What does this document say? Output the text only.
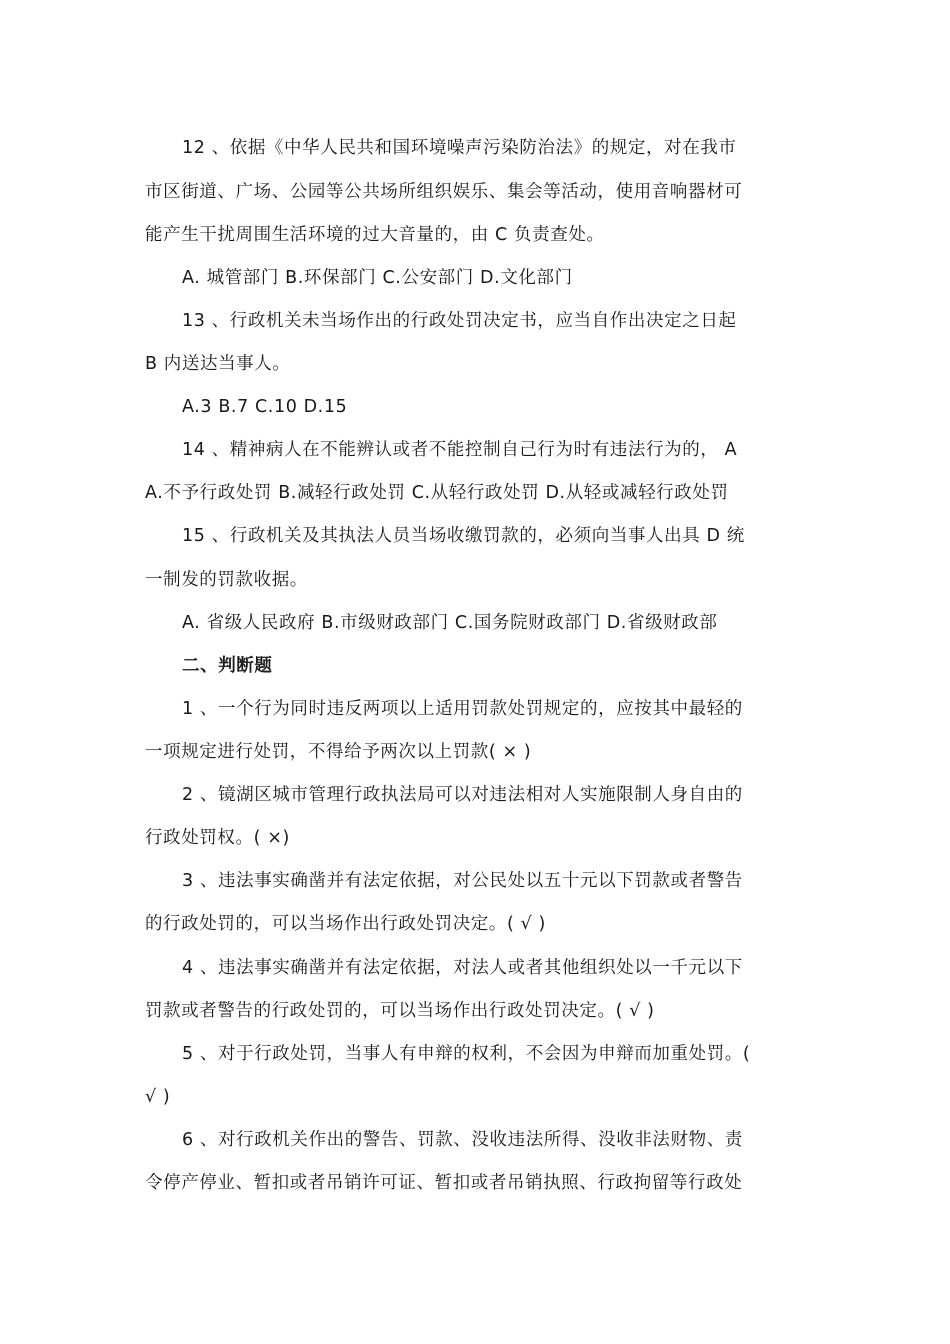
12 、依据《中华人民共和国环境噪声污染防治法》的规定，对在我市
市区街道、广场、公园等公共场所组织娱乐、集会等活动，使用音响器材可
能产生干扰周围生活环境的过大音量的，由 C 负责查处。
A. 城管部门 B.环保部门 C.公安部门 D.文化部门
13 、行政机关未当场作出的行政处罚决定书，应当自作出决定之日起
B 内送达当事人。
A.3 B.7 C.10 D.15
14 、精神病人在不能辨认或者不能控制自己行为时有违法行为的， A
A.不予行政处罚 B.减轻行政处罚 C.从轻行政处罚 D.从轻或减轻行政处罚
15 、行政机关及其执法人员当场收缴罚款的，必须向当事人出具 D 统
一制发的罚款收据。
A. 省级人民政府 B.市级财政部门 C.国务院财政部门 D.省级财政部
二、判断题
1 、一个行为同时违反两项以上适用罚款处罚规定的，应按其中最轻的
一项规定进行处罚，不得给予两次以上罚款( × )
2 、镜湖区城市管理行政执法局可以对违法相对人实施限制人身自由的
行政处罚权。( ×)
3 、违法事实确凿并有法定依据，对公民处以五十元以下罚款或者警告
的行政处罚的，可以当场作出行政处罚决定。( √ )
4 、违法事实确凿并有法定依据，对法人或者其他组织处以一千元以下
罚款或者警告的行政处罚的，可以当场作出行政处罚决定。( √ )
5 、对于行政处罚，当事人有申辩的权利，不会因为申辩而加重处罚。(
√ )
6 、对行政机关作出的警告、罚款、没收违法所得、没收非法财物、责
令停产停业、暂扣或者吊销许可证、暂扣或者吊销执照、行政拘留等行政处
